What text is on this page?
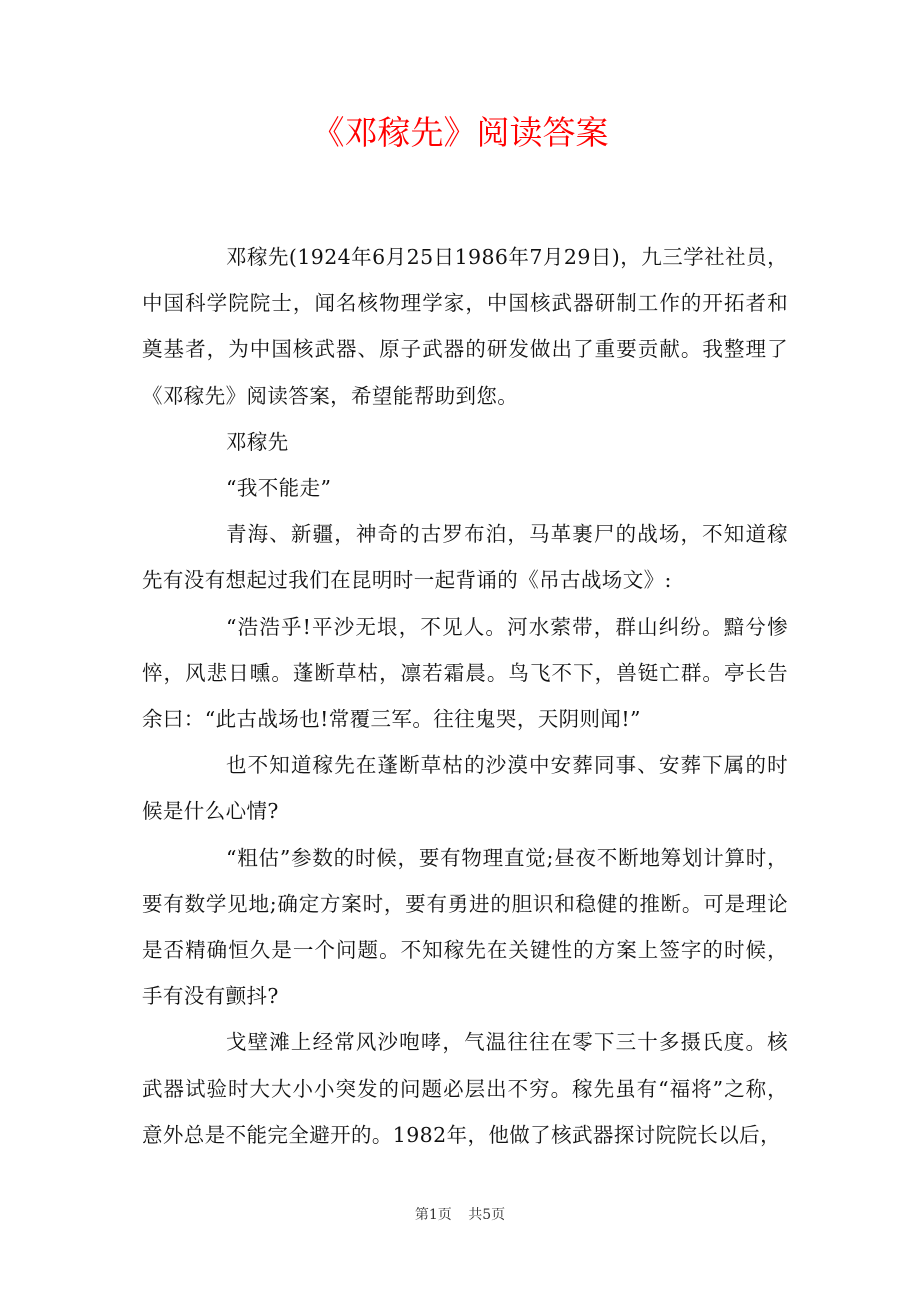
《邓稼先》阅读答案

邓稼先(1924年6月25日1986年7月29日)，九三学社社员，中国科学院院士，闻名核物理学家，中国核武器研制工作的开拓者和奠基者，为中国核武器、原子武器的研发做出了重要贡献。我整理了《邓稼先》阅读答案，希望能帮助到您。

邓稼先

“我不能走”

青海、新疆，神奇的古罗布泊，马革裹尸的战场，不知道稼先有没有想起过我们在昆明时一起背诵的《吊古战场文》:

“浩浩乎!平沙无垠，不见人。河水萦带，群山纠纷。黯兮惨悴，风悲日曛。蓬断草枯，凛若霜晨。鸟飞不下，兽铤亡群。亭长告余曰：“此古战场也!常覆三军。往往鬼哭，天阴则闻!”

也不知道稼先在蓬断草枯的沙漠中安葬同事、安葬下属的时候是什么心情?

“粗估”参数的时候，要有物理直觉;昼夜不断地筹划计算时，要有数学见地;确定方案时，要有勇进的胆识和稳健的推断。可是理论是否精确恒久是一个问题。不知稼先在关键性的方案上签字的时候，手有没有颤抖?

戈壁滩上经常风沙咆哮，气温往往在零下三十多摄氏度。核武器试验时大大小小突发的问题必层出不穷。稼先虽有“福将”之称，意外总是不能完全避开的。1982年，他做了核武器探讨院院长以后，

第1页 共5页
